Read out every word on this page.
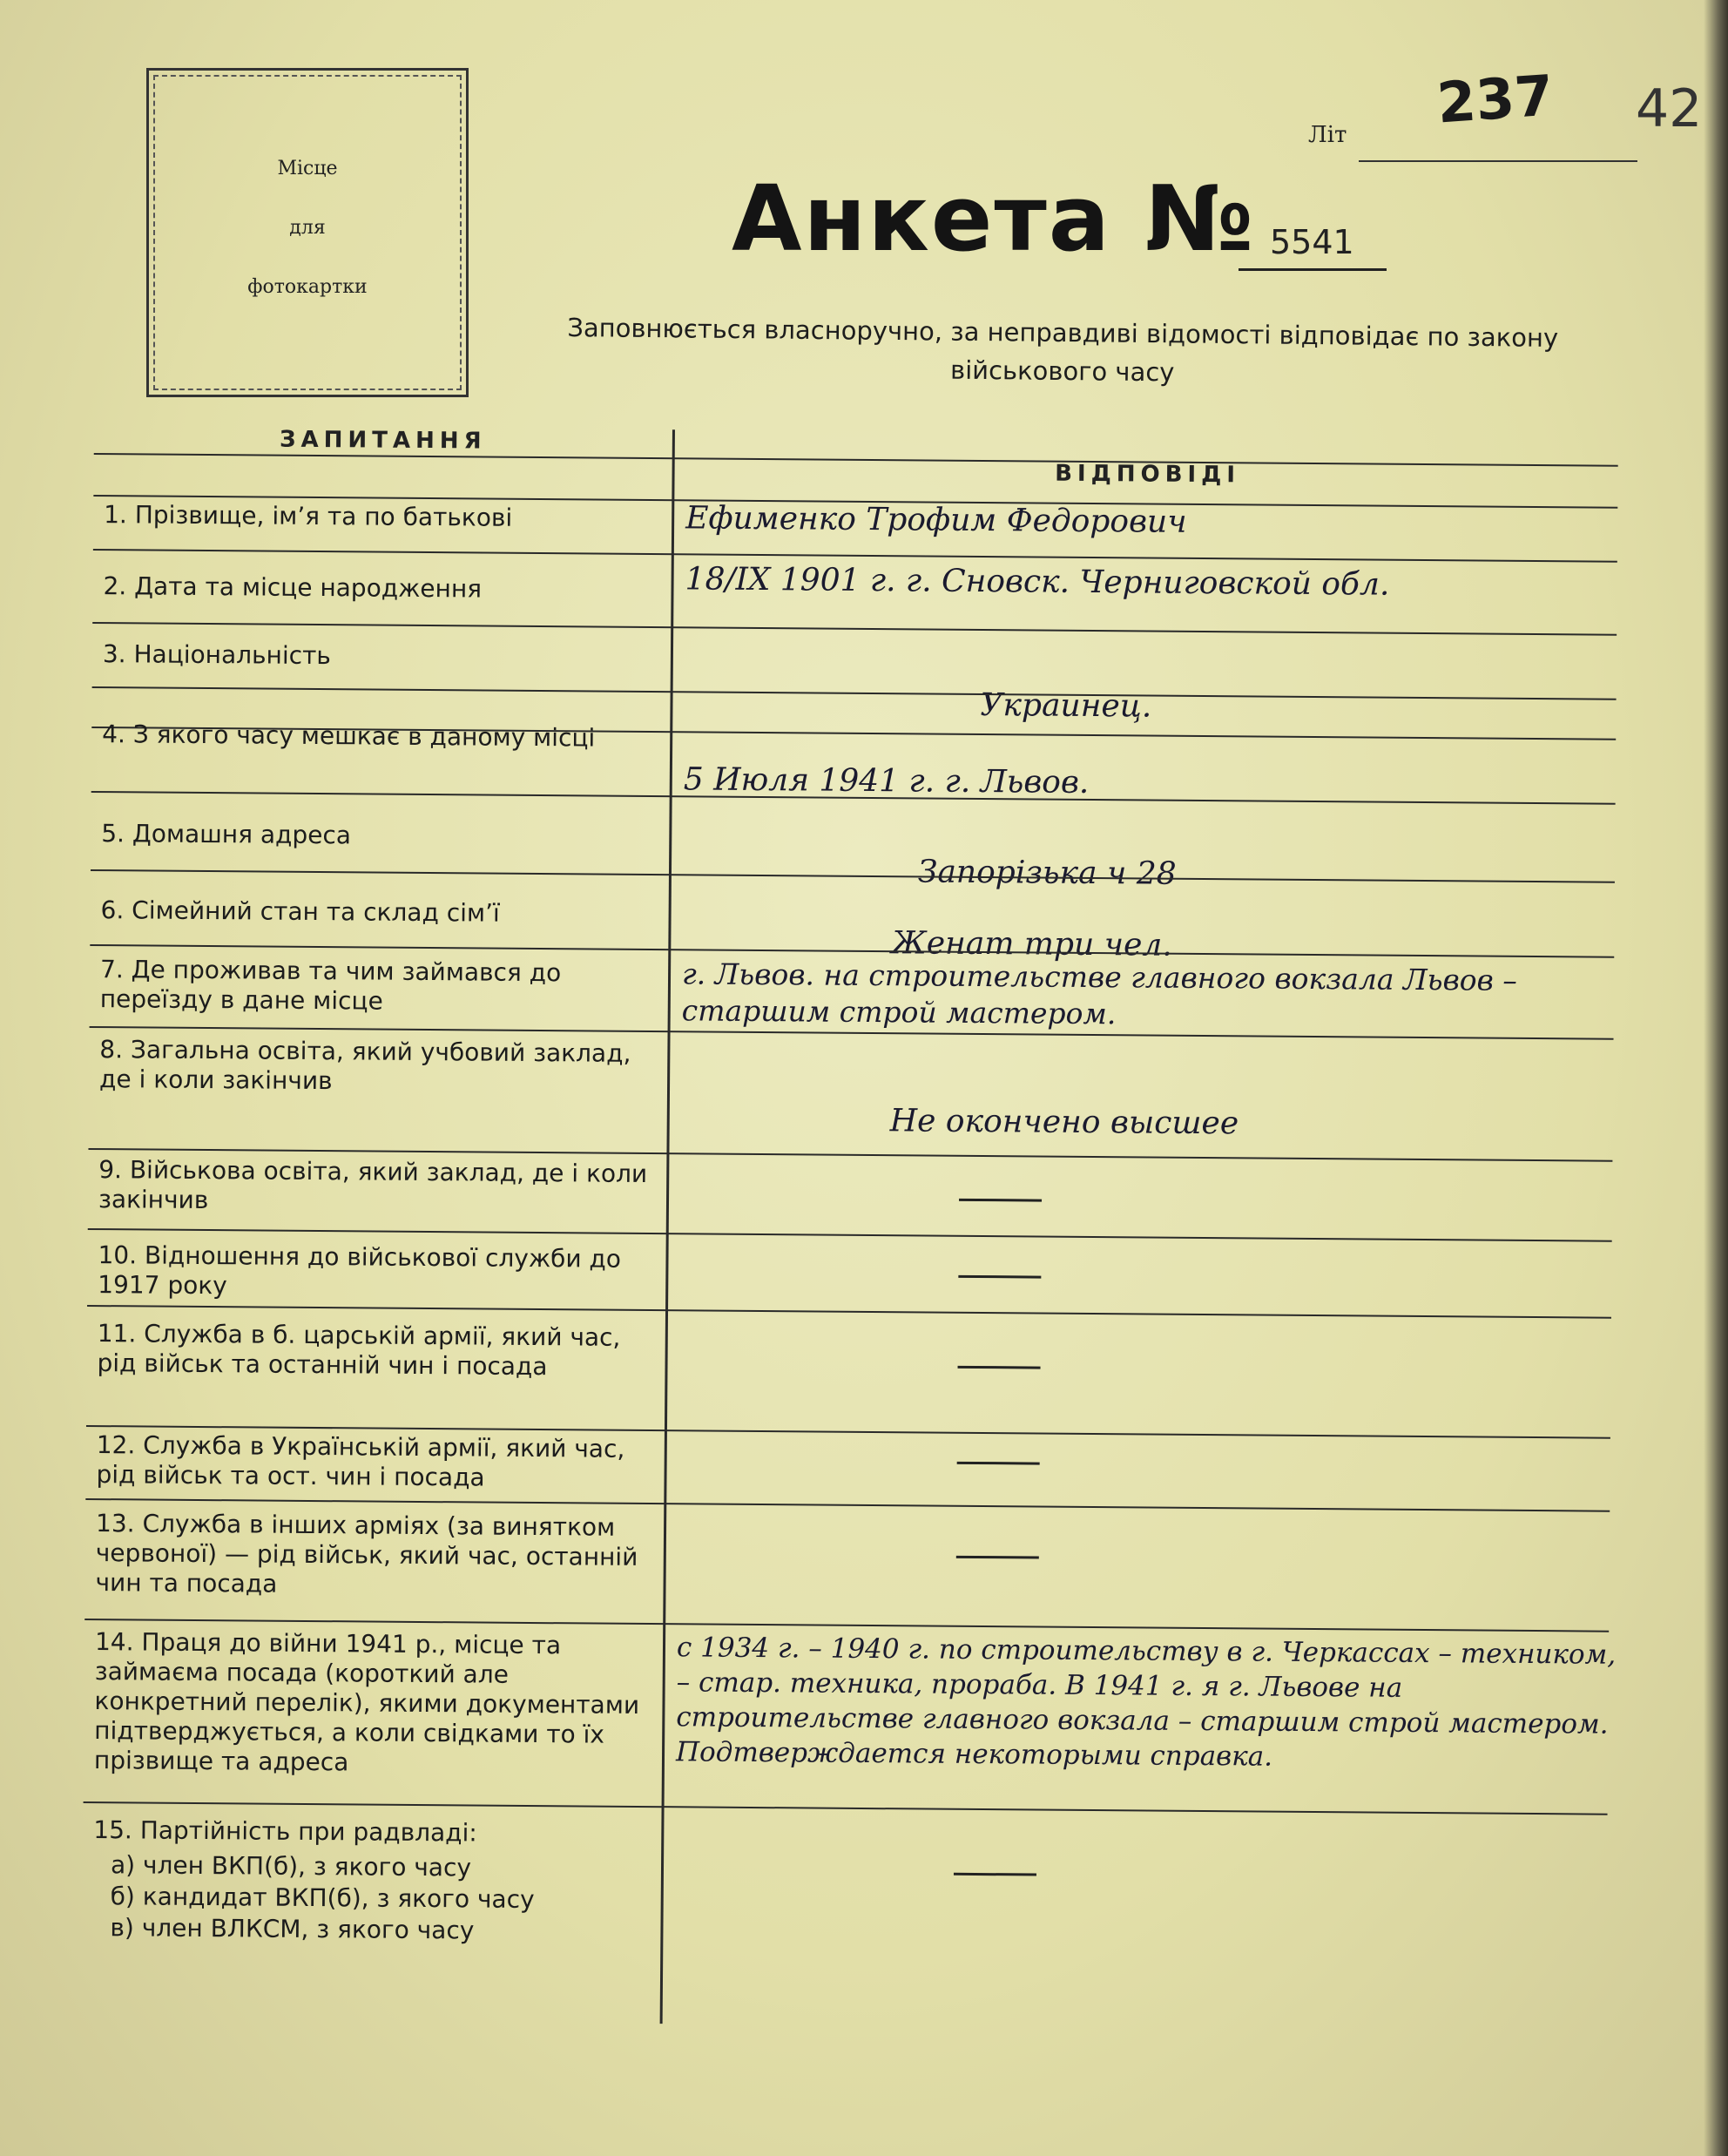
Місце
для
фотокартки
Літ 237 42
Анкета № 5541
Заповнюється власноручно, за неправдиві відомості відповідає по закону військового часу
ЗАПИТАННЯ
ВІДПОВІДІ
1. Прізвище, ім’я та по батькові	Ефименко Трофим Федорович
2. Дата та місце народження	18/IX 1901 г. г. Сновск. Черниговской обл.
3. Національність
Украинец.
4. З якого часу мешкає в даному місці
5 Июля 1941 г. г. Львов.
5. Домашня адреса
Запорізька ч 28
6. Сімейний стан та склад сім’ї
Женат три чел.
7. Де проживав та чим займався до переїзду в дане місце
г. Львов. на строительстве главного вокзала Львов – старшим строй мастером.
8. Загальна освіта, який учбовий заклад, де і коли закінчив
Не окончено высшее
9. Військова освіта, який заклад, де і коли закінчив
10. Відношення до військової служби до 1917 року
11. Служба в б. царській армії, який час, рід військ та останній чин і посада
12. Служба в Українській армії, який час, рід військ та ост. чин і посада
13. Служба в інших арміях (за винятком червоної) — рід військ, який час, останній чин та посада
14. Праця до війни 1941 р., місце та займаєма посада (короткий але конкретний перелік), якими документами підтверджується, а коли свідками то їх прізвище та адреса
с 1934 г. – 1940 г. по строительству в г. Черкассах – техником, – стар. техника, прораба. В 1941 г. я г. Львове на строительстве главного вокзала – старшим строй мастером. Подтверждается некоторыми справка.
15. Партійність при радвладі:
а) член ВКП(б), з якого часу
б) кандидат ВКП(б), з якого часу
в) член ВЛКСМ, з якого часу
